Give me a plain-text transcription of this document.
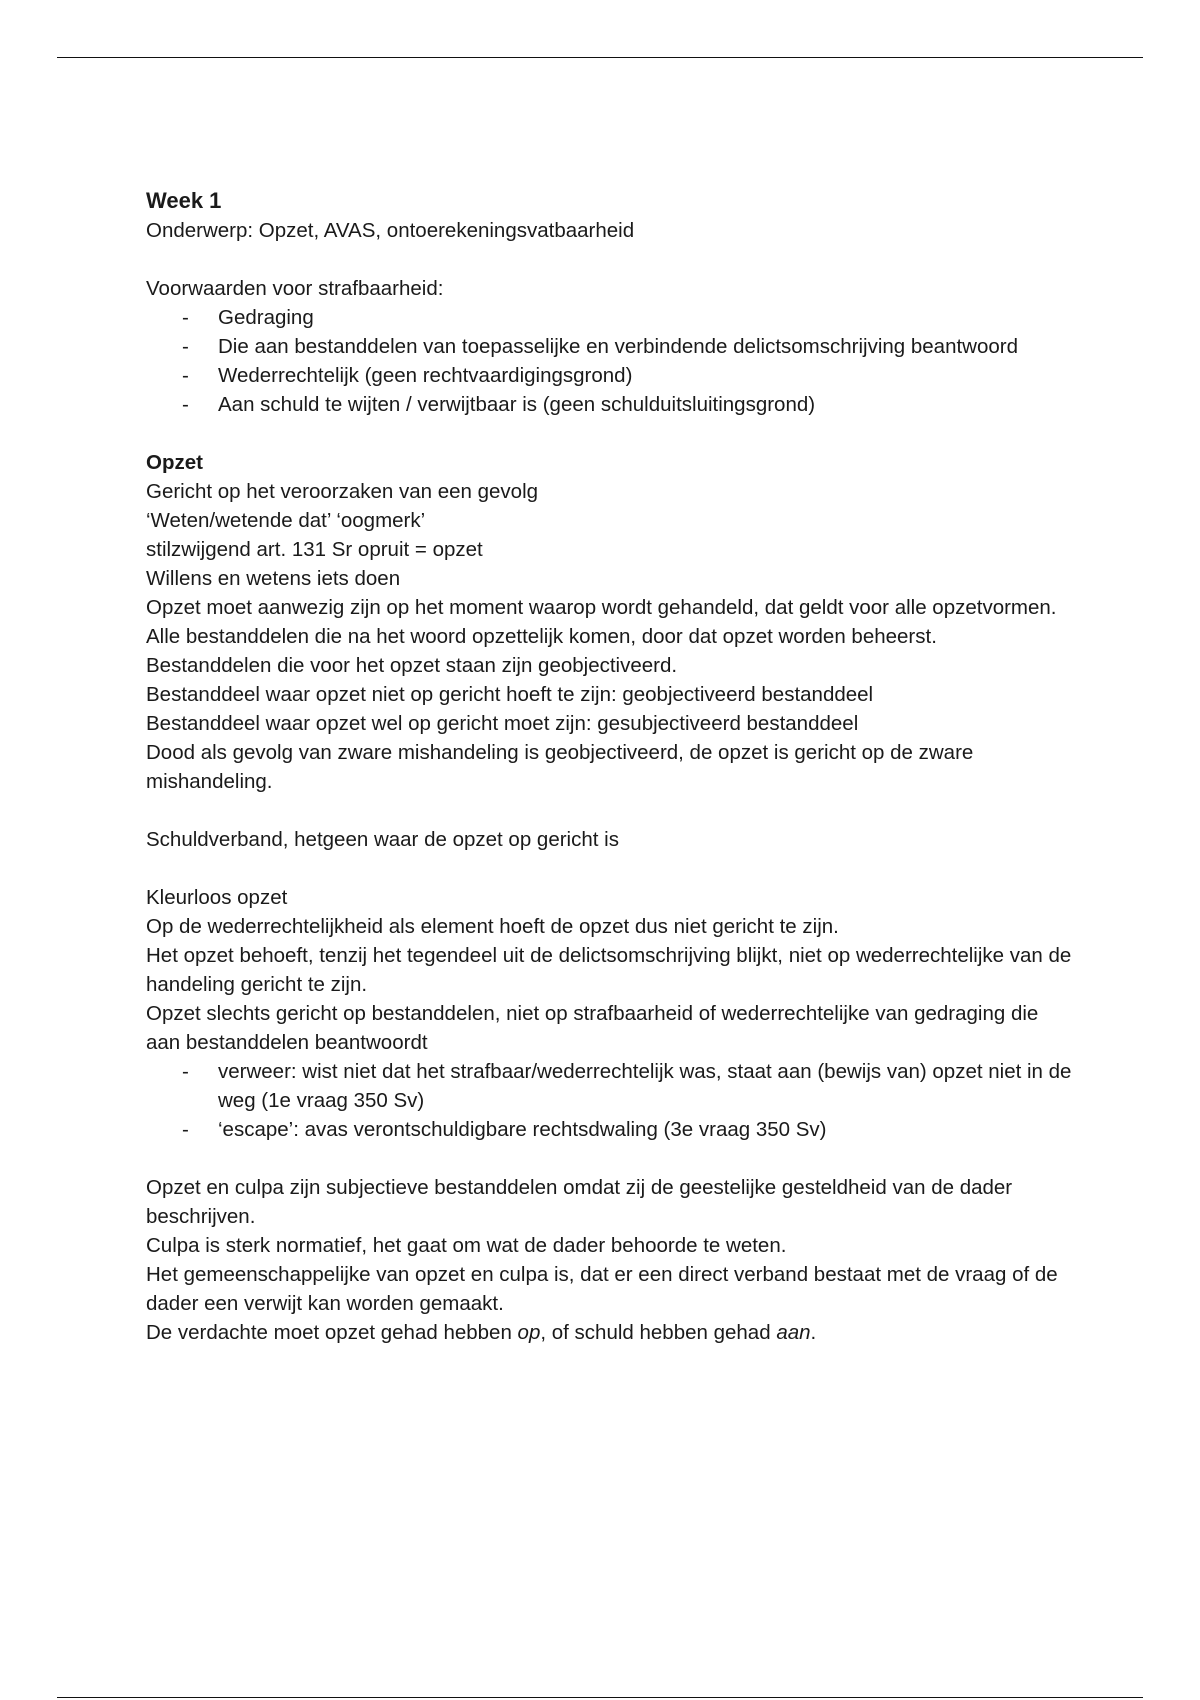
Week 1

Onderwerp: Opzet, AVAS, ontoerekeningsvatbaarheid

Voorwaarden voor strafbaarheid:

- Gedraging
- Die aan bestanddelen van toepasselijke en verbindende delictsomschrijving beantwoord
- Wederrechtelijk (geen rechtvaardigingsgrond)
- Aan schuld te wijten / verwijtbaar is (geen schulduitsluitingsgrond)

Opzet

Gericht op het veroorzaken van een gevolg

‘Weten/wetende dat’ ‘oogmerk’

stilzwijgend art. 131 Sr opruit = opzet

Willens en wetens iets doen

Opzet moet aanwezig zijn op het moment waarop wordt gehandeld, dat geldt voor alle opzetvormen.

Alle bestanddelen die na het woord opzettelijk komen, door dat opzet worden beheerst.

Bestanddelen die voor het opzet staan zijn geobjectiveerd.

Bestanddeel waar opzet niet op gericht hoeft te zijn: geobjectiveerd bestanddeel

Bestanddeel waar opzet wel op gericht moet zijn: gesubjectiveerd bestanddeel

Dood als gevolg van zware mishandeling is geobjectiveerd, de opzet is gericht op de zware mishandeling.

Schuldverband, hetgeen waar de opzet op gericht is

Kleurloos opzet

Op de wederrechtelijkheid als element hoeft de opzet dus niet gericht te zijn.

Het opzet behoeft, tenzij het tegendeel uit de delictsomschrijving blijkt, niet op wederrechtelijke van de handeling gericht te zijn.

Opzet slechts gericht op bestanddelen, niet op strafbaarheid of wederrechtelijke van gedraging die aan bestanddelen beantwoordt

- verweer: wist niet dat het strafbaar/wederrechtelijk was, staat aan (bewijs van) opzet niet in de weg (1e vraag 350 Sv)
- ‘escape’: avas verontschuldigbare rechtsdwaling (3e vraag 350 Sv)

Opzet en culpa zijn subjectieve bestanddelen omdat zij de geestelijke gesteldheid van de dader beschrijven.

Culpa is sterk normatief, het gaat om wat de dader behoorde te weten.

Het gemeenschappelijke van opzet en culpa is, dat er een direct verband bestaat met de vraag of de dader een verwijt kan worden gemaakt.

De verdachte moet opzet gehad hebben op, of schuld hebben gehad aan.
